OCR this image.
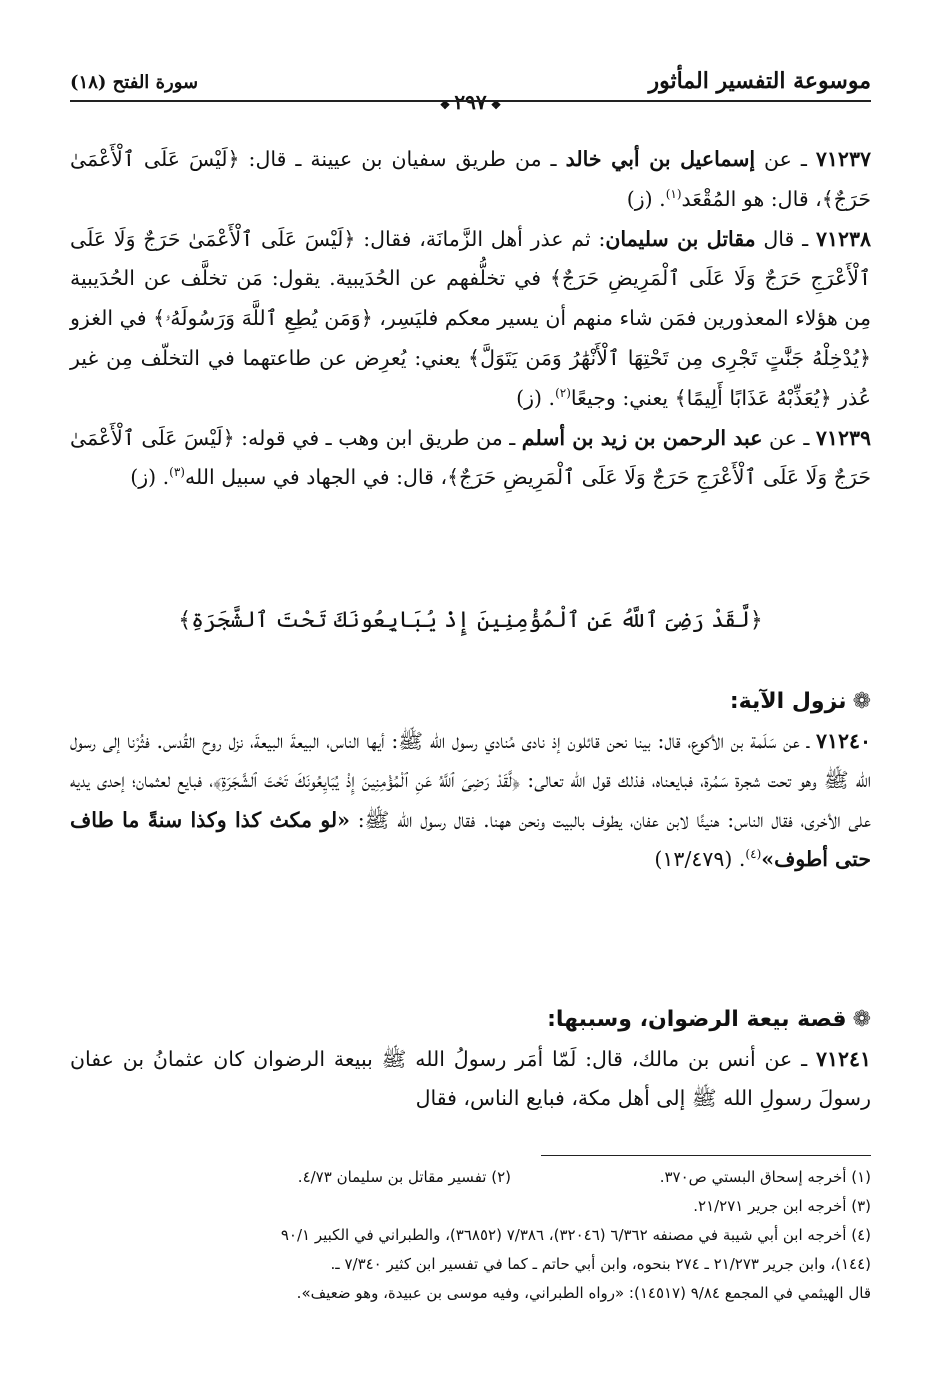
موسوعة التفسير المأثور
❖٢٩٧❖
سورة الفتح (١٨)

٧١٢٣٧ ـ عن إسماعيل بن أبي خالد ـ من طريق سفيان بن عيينة ـ قال: ﴿لَيْسَ عَلَى ٱلْأَعْمَىٰ حَرَجٌ﴾، قال: هو المُقْعَد$^{(١)}$. (ز)

٧١٢٣٨ ـ قال مقاتل بن سليمان: ثم عذر أهل الزَّمانَة، فقال: ﴿لَيْسَ عَلَى ٱلْأَعْمَىٰ حَرَجٌ وَلَا عَلَى ٱلْأَعْرَجِ حَرَجٌ وَلَا عَلَى ٱلْمَرِيضِ حَرَجٌ﴾ في تخلُّفهم عن الحُدَيبية. يقول: مَن تخلَّف عن الحُدَيبية مِن هؤلاء المعذورين فمَن شاء منهم أن يسير معكم فليَسِر، ﴿وَمَن يُطِعِ ٱللَّهَ وَرَسُولَهُۥ﴾ في الغزو ﴿يُدْخِلْهُ جَنَّٰتٍ تَجْرِى مِن تَحْتِهَا ٱلْأَنْهَٰرُ وَمَن يَتَوَلَّ﴾ يعني: يُعرِض عن طاعتهما في التخلّف مِن غير عُذر ﴿يُعَذِّبْهُ عَذَابًا أَلِيمًا﴾ يعني: وجيعًا$^{(٢)}$. (ز)

٧١٢٣٩ ـ عن عبد الرحمن بن زيد بن أسلم ـ من طريق ابن وهب ـ في قوله: ﴿لَيْسَ عَلَى ٱلْأَعْمَىٰ حَرَجٌ وَلَا عَلَى ٱلْأَعْرَجِ حَرَجٌ وَلَا عَلَى ٱلْمَرِيضِ حَرَجٌ﴾، قال: في الجهاد في سبيل الله$^{(٣)}$. (ز)

﴿لَّقَدْ رَضِىَ ٱللَّهُ عَنِ ٱلْمُؤْمِنِينَ إِذْ يُبَايِعُونَكَ تَحْتَ ٱلشَّجَرَةِ﴾
❁نزول الآية:

٧١٢٤٠ ـ عن سَلَمة بن الأكوع، قال: بينا نحن قائلون إذ نادى مُنادي رسول الله ﷺ: أيها الناس، البيعةَ البيعةَ، نزل روح القُدس. فثُرْنا إلى رسول الله ﷺ وهو تحت شجرة سَمُرة، فبايعناه، فذلك قول الله تعالى: ﴿لَّقَدْ رَضِىَ ٱللَّهُ عَنِ ٱلْمُؤْمِنِينَ إِذْ يُبَايِعُونَكَ تَحْتَ ٱلشَّجَرَةِ﴾، فبايع لعثمان؛ إحدى يديه على الأخرى، فقال الناس: هنيئًا لابن عفان، يطوف بالبيت ونحن ههنا. فقال رسول الله ﷺ: «لو مكث كذا وكذا سنةً ما طاف حتى أطوف»$^{(٤)}$. (١٣/٤٧٩)

❁قصة بيعة الرضوان، وسببها:

٧١٢٤١ ـ عن أنس بن مالك، قال: لَمّا أمَر رسولُ الله ﷺ ببيعة الرضوان كان عثمانُ بن عفان رسولَ رسولِ الله ﷺ إلى أهل مكة، فبايع الناس، فقال

(١) أخرجه إسحاق البستي ص٣٧٠.
(٢) تفسير مقاتل بن سليمان ٤/٧٣.
(٣) أخرجه ابن جرير ٢١/٢٧١.
(٤) أخرجه ابن أبي شيبة في مصنفه ٦/٣٦٢ (٣٢٠٤٦)، ٧/٣٨٦ (٣٦٨٥٢)، والطبراني في الكبير ٩٠/١
(١٤٤)، وابن جرير ٢١/٢٧٣ ـ ٢٧٤ بنحوه، وابن أبي حاتم ـ كما في تفسير ابن كثير ٧/٣٤٠ ـ.
قال الهيثمي في المجمع ٩/٨٤ (١٤٥١٧): «رواه الطبراني، وفيه موسى بن عبيدة، وهو ضعيف».
